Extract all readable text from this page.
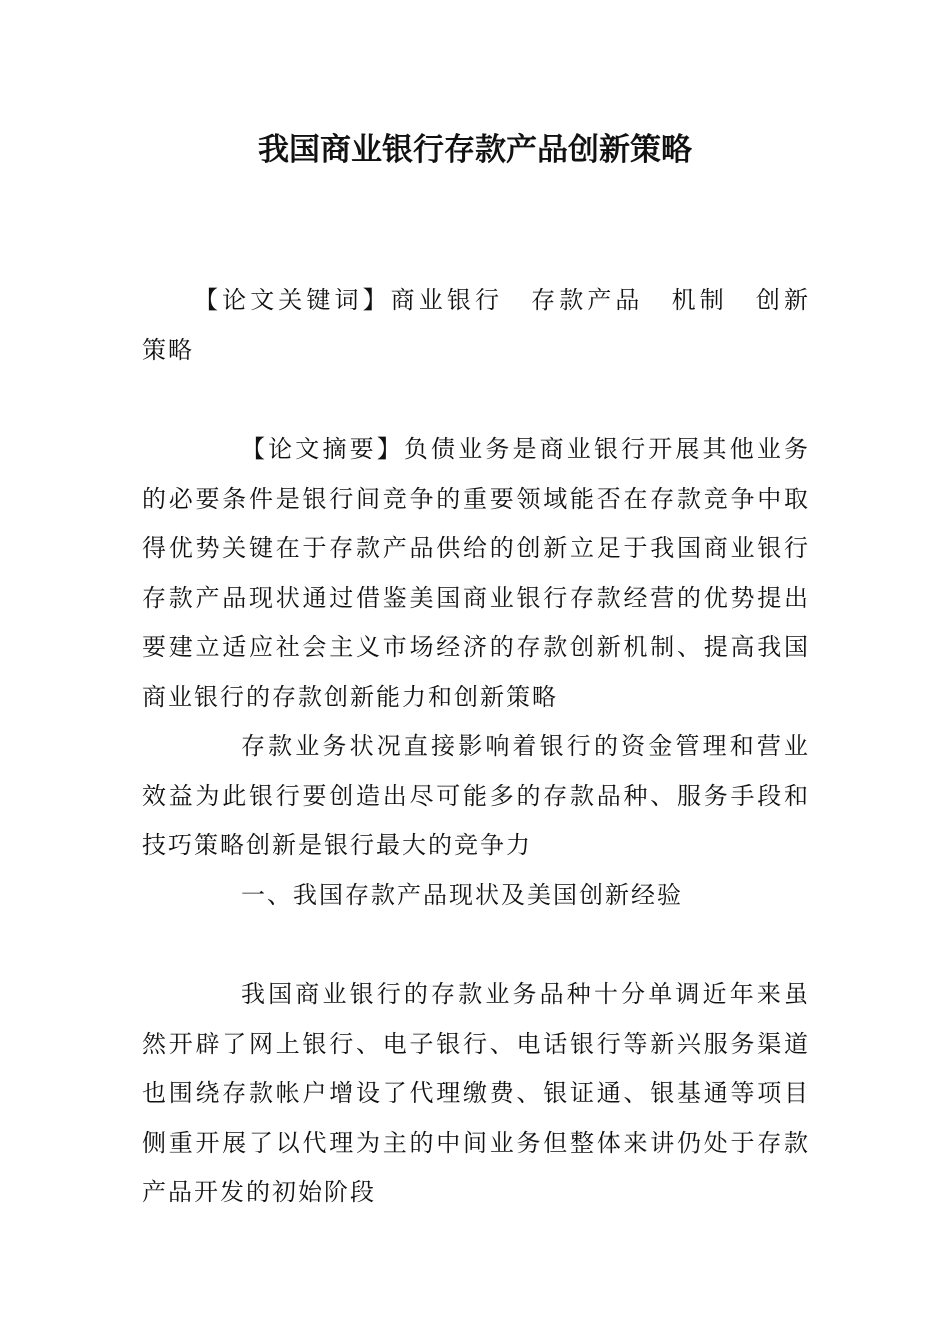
我国商业银行存款产品创新策略
【论文关键词】商业银行　存款产品　机制　创新　策略
【论文摘要】负债业务是商业银行开展其他业务的必要条件是银行间竞争的重要领域能否在存款竞争中取得优势关键在于存款产品供给的创新立足于我国商业银行存款产品现状通过借鉴美国商业银行存款经营的优势提出要建立适应社会主义市场经济的存款创新机制、提高我国商业银行的存款创新能力和创新策略
存款业务状况直接影响着银行的资金管理和营业效益为此银行要创造出尽可能多的存款品种、服务手段和技巧策略创新是银行最大的竞争力
一、我国存款产品现状及美国创新经验
我国商业银行的存款业务品种十分单调近年来虽然开辟了网上银行、电子银行、电话银行等新兴服务渠道也围绕存款帐户增设了代理缴费、银证通、银基通等项目侧重开展了以代理为主的中间业务但整体来讲仍处于存款产品开发的初始阶段
